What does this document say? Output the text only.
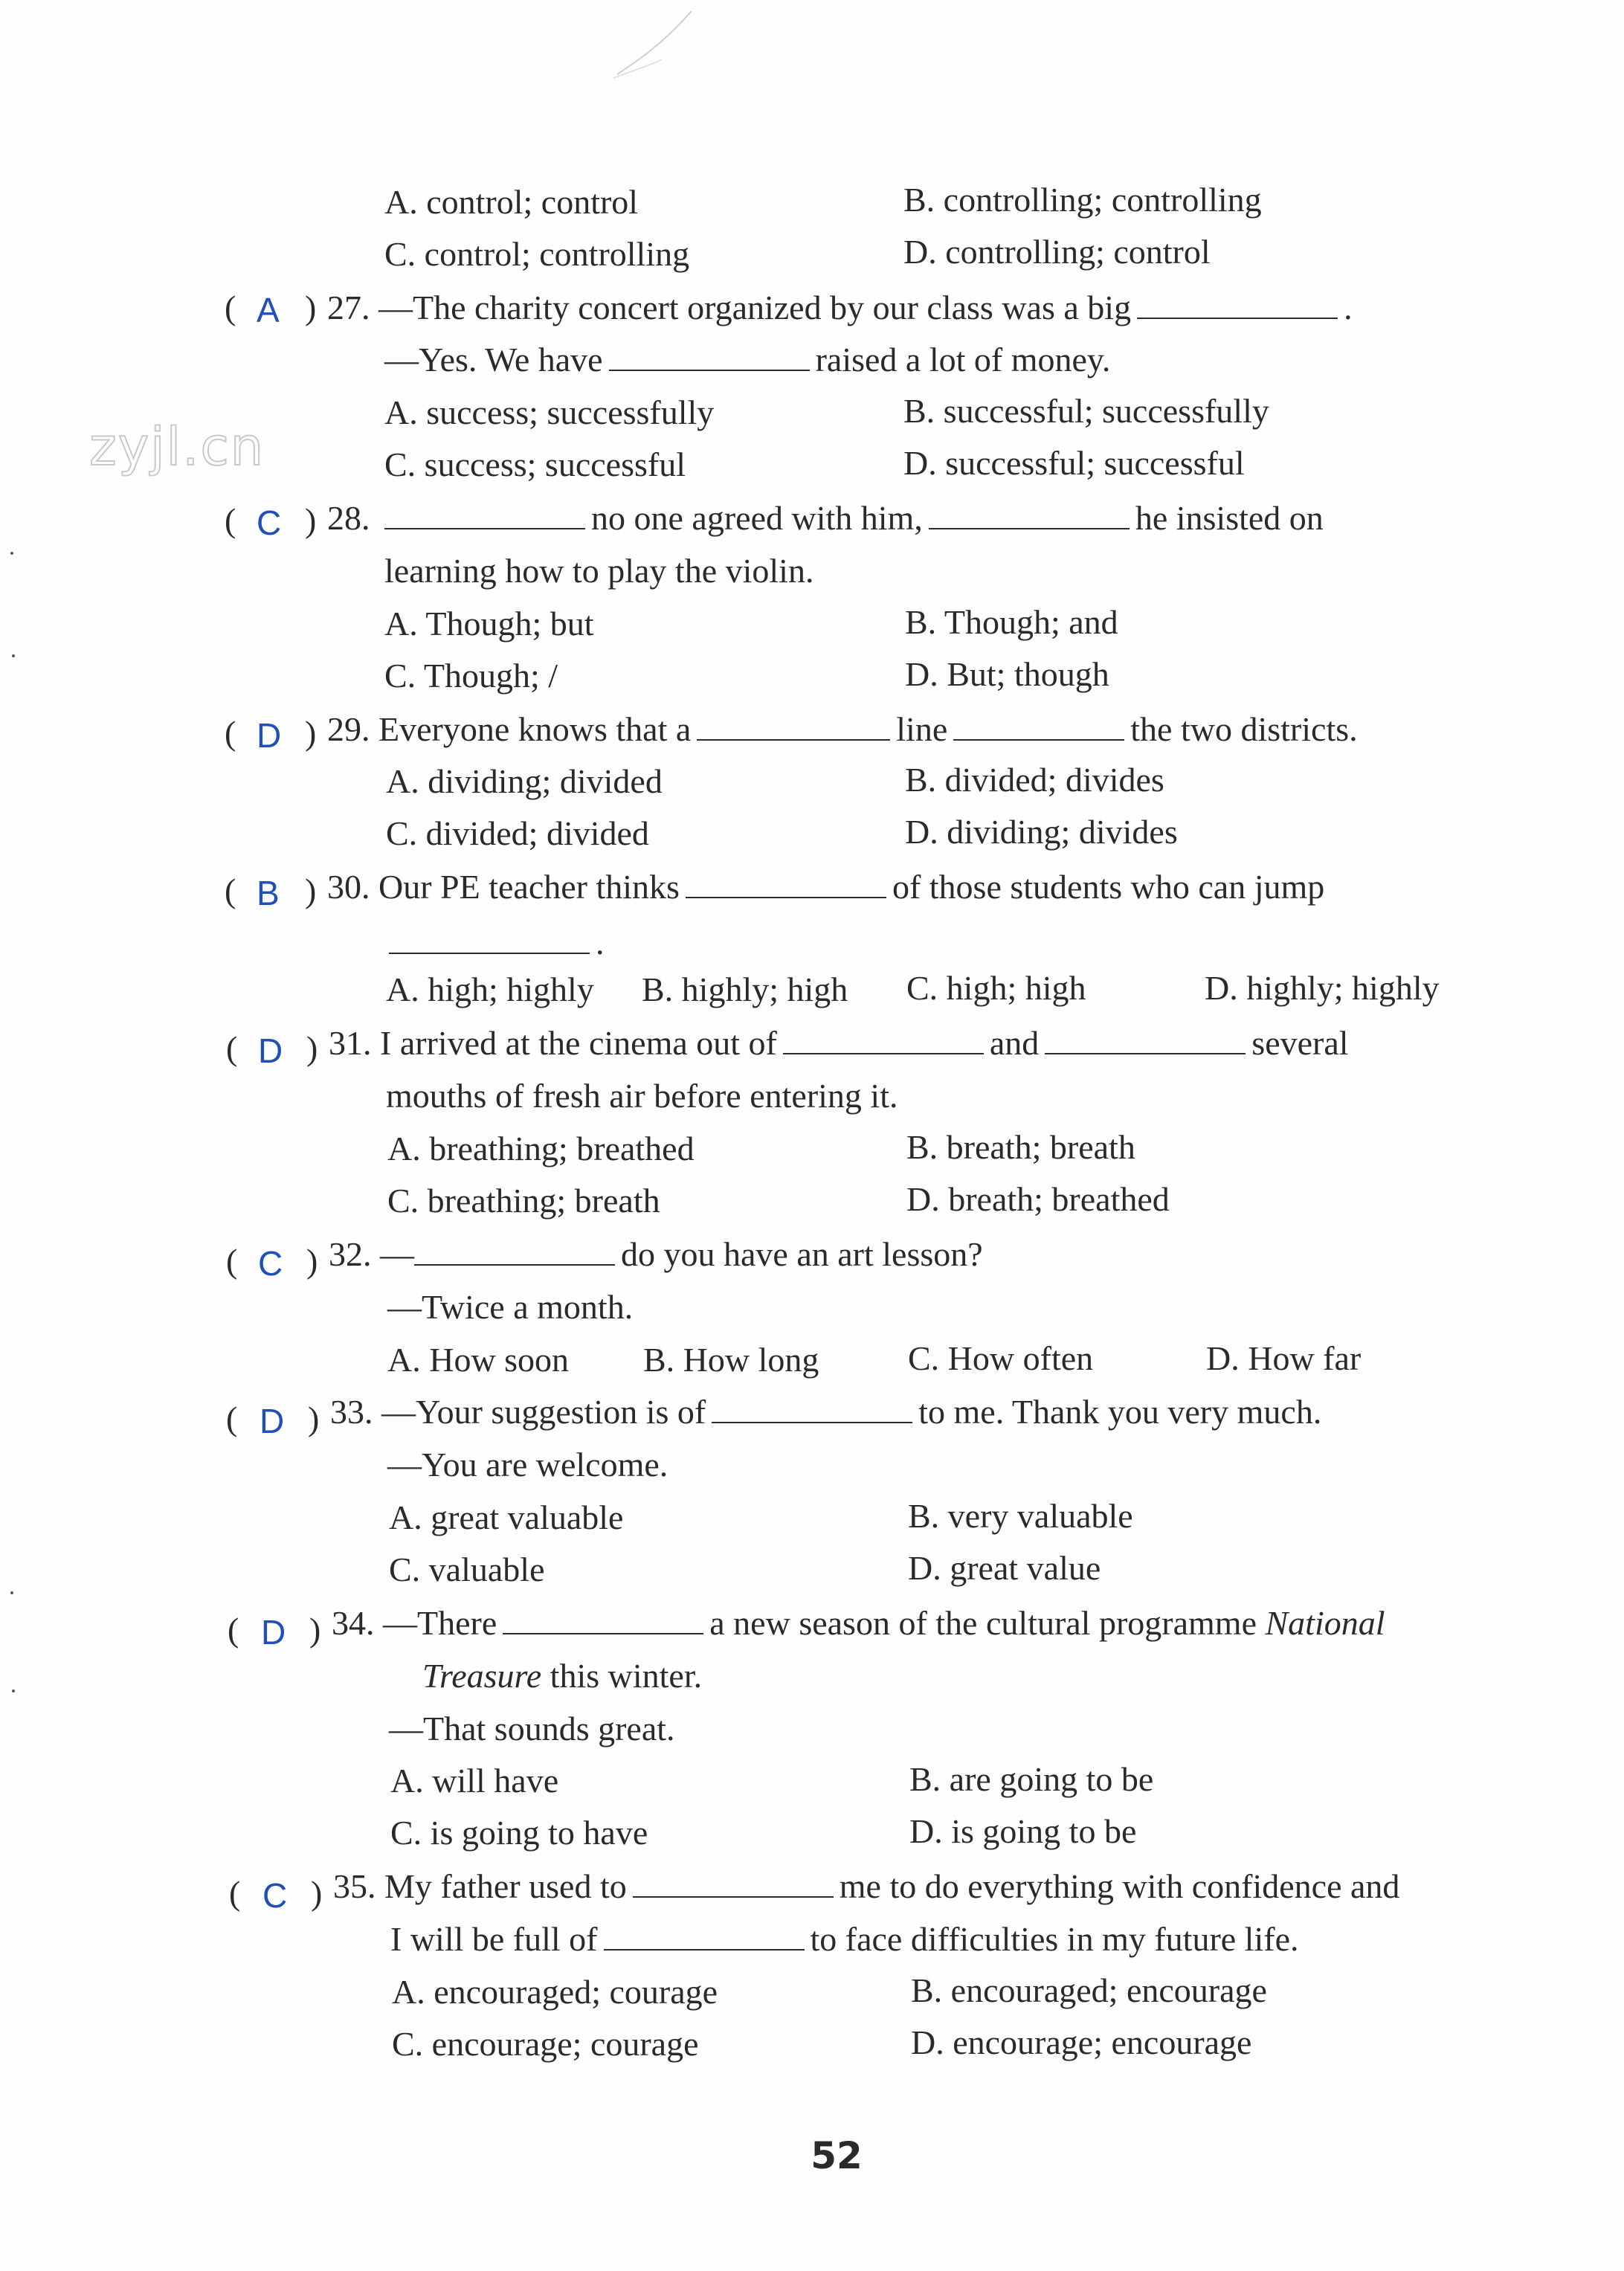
zyjl.cn
A. control; control	B. controlling; controlling
C. control; controlling	D. controlling; control
( A ) 27. —The charity concert organized by our class was a big	.
—Yes. We have	raised a lot of money.
A. success; successfully	B. successful; successfully
C. success; successful	D. successful; successful
( C ) 28.	no one agreed with him,	he insisted on
learning how to play the violin.
A. Though; but	B. Though; and
C. Though; /	D. But; though
( D ) 29. Everyone knows that a	line	the two districts.
A. dividing; divided	B. divided; divides
C. divided; divided	D. dividing; divides
( B ) 30. Our PE teacher thinks	of those students who can jump
.
A. high; highly B. highly; high C. high; high	D. highly; highly
( D ) 31. I arrived at the cinema out of	and	several
mouths of fresh air before entering it.
A. breathing; breathed	B. breath; breath
C. breathing; breath	D. breath; breathed
( C ) 32. —	do you have an art lesson?
—Twice a month.
A. How soon B. How long	C. How often	D. How far
( D ) 33. —Your suggestion is of	to me. Thank you very much.
—You are welcome.
A. great valuable	B. very valuable
C. valuable	D. great value
( D ) 34. —There	a new season of the cultural programme National
Treasure this winter.
—That sounds great.
A. will have	B. are going to be
C. is going to have	D. is going to be
( C ) 35. My father used to	me to do everything with confidence and
I will be full of	to face difficulties in my future life.
A. encouraged; courage	B. encouraged; encourage
C. encourage; courage	D. encourage; encourage
52
